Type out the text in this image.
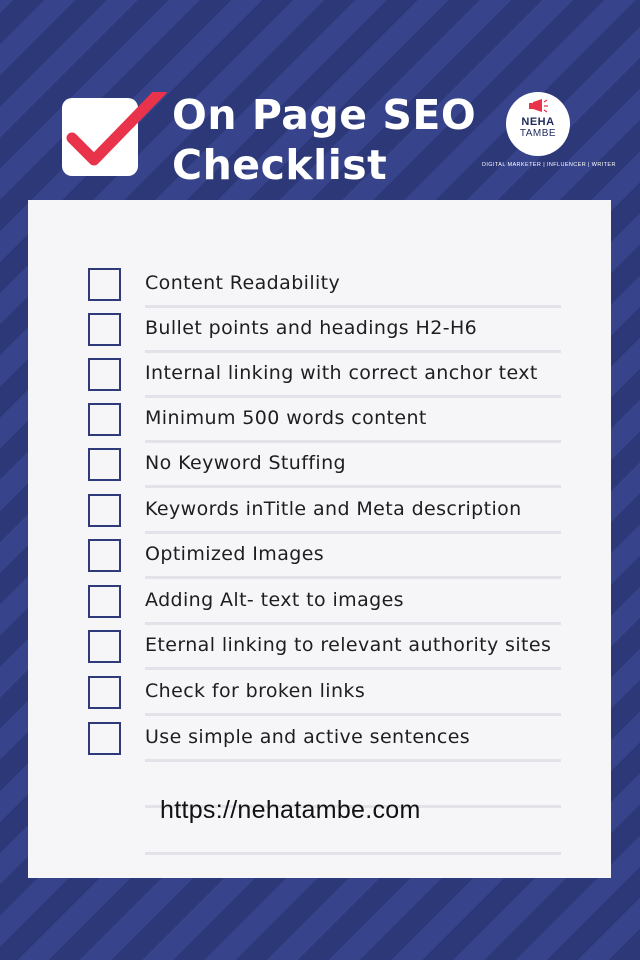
On Page SEO
Checklist
NEHA
TAMBE
DIGITAL MARKETER | INFLUENCER | WRITER
Content Readability
Bullet points and headings H2-H6
Internal linking with correct anchor text
Minimum 500 words content
No Keyword Stuffing
Keywords inTitle and Meta description
Optimized Images
Adding Alt- text to images
Eternal linking to relevant authority sites
Check for broken links
Use simple and active sentences
https://nehatambe.com
